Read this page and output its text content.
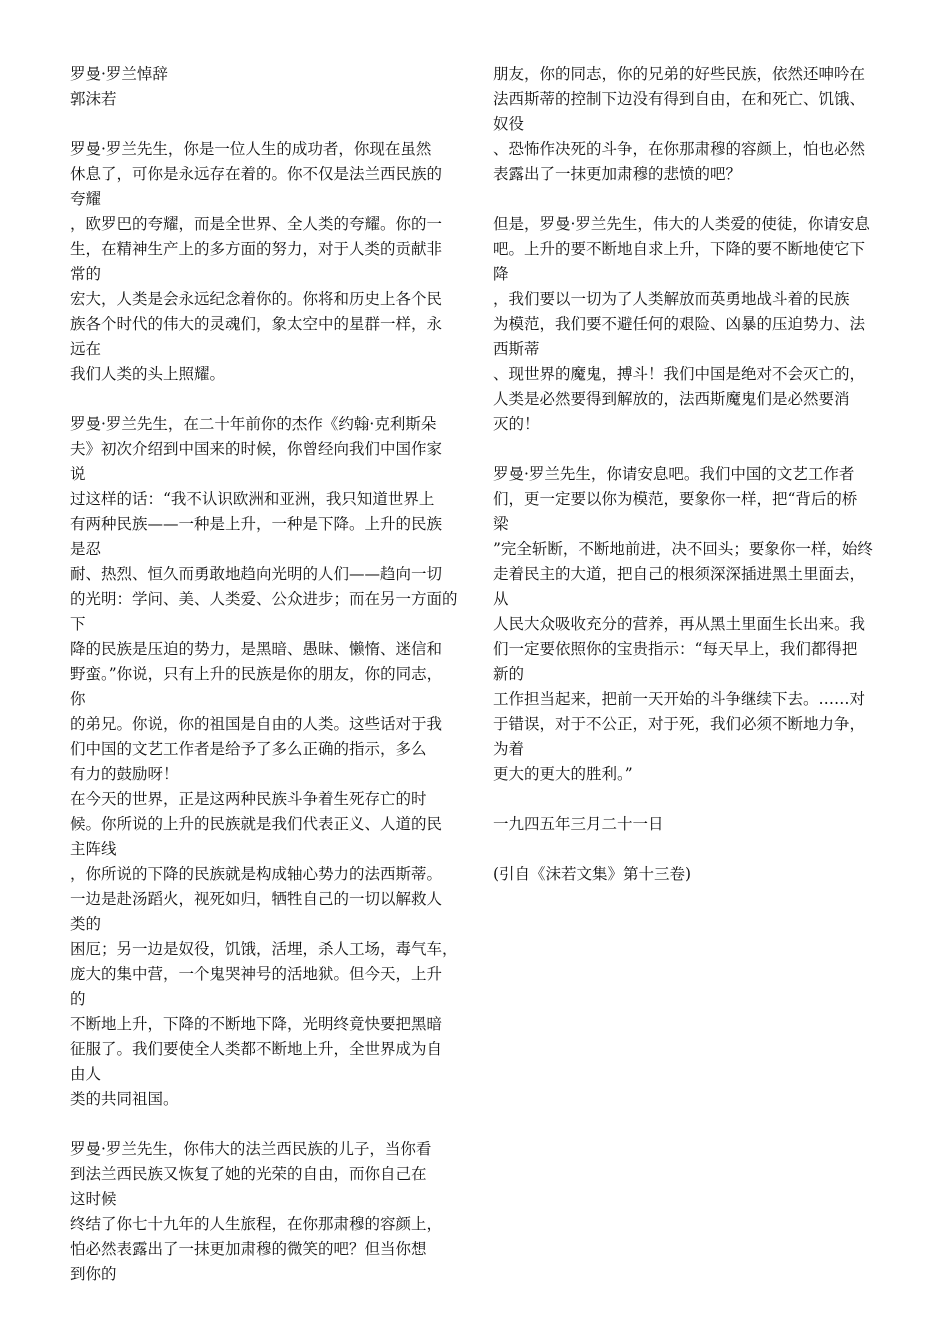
罗曼·罗兰悼辞
郭沫若
罗曼·罗兰先生，你是一位人生的成功者，你现在虽然
休息了，可你是永远存在着的。你不仅是法兰西民族的
夸耀
，欧罗巴的夸耀，而是全世界、全人类的夸耀。你的一
生，在精神生产上的多方面的努力，对于人类的贡献非
常的
宏大，人类是会永远纪念着你的。你将和历史上各个民
族各个时代的伟大的灵魂们，象太空中的星群一样，永
远在
我们人类的头上照耀。
罗曼·罗兰先生，在二十年前你的杰作《约翰·克利斯朵
夫》初次介绍到中国来的时候，你曾经向我们中国作家
说
过这样的话：“我不认识欧洲和亚洲，我只知道世界上
有两种民族——一种是上升，一种是下降。上升的民族
是忍
耐、热烈、恒久而勇敢地趋向光明的人们——趋向一切
的光明：学问、美、人类爱、公众进步；而在另一方面的
下
降的民族是压迫的势力，是黑暗、愚昧、懒惰、迷信和
野蛮。”你说，只有上升的民族是你的朋友，你的同志，
你
的弟兄。你说，你的祖国是自由的人类。这些话对于我
们中国的文艺工作者是给予了多么正确的指示，多么
有力的鼓励呀！
在今天的世界，正是这两种民族斗争着生死存亡的时
候。你所说的上升的民族就是我们代表正义、人道的民
主阵线
，你所说的下降的民族就是构成轴心势力的法西斯蒂。
一边是赴汤蹈火，视死如归，牺牲自己的一切以解救人
类的
困厄；另一边是奴役，饥饿，活埋，杀人工场，毒气车，
庞大的集中营，一个鬼哭神号的活地狱。但今天，上升
的
不断地上升，下降的不断地下降，光明终竟快要把黑暗
征服了。我们要使全人类都不断地上升，全世界成为自
由人
类的共同祖国。
罗曼·罗兰先生，你伟大的法兰西民族的儿子，当你看
到法兰西民族又恢复了她的光荣的自由，而你自己在
这时候
终结了你七十九年的人生旅程，在你那肃穆的容颜上，
怕必然表露出了一抹更加肃穆的微笑的吧？但当你想
到你的
朋友，你的同志，你的兄弟的好些民族，依然还呻吟在
法西斯蒂的控制下边没有得到自由，在和死亡、饥饿、
奴役
、恐怖作决死的斗争，在你那肃穆的容颜上，怕也必然
表露出了一抹更加肃穆的悲愤的吧？
但是，罗曼·罗兰先生，伟大的人类爱的使徒，你请安息
吧。上升的要不断地自求上升，下降的要不断地使它下
降
，我们要以一切为了人类解放而英勇地战斗着的民族
为模范，我们要不避任何的艰险、凶暴的压迫势力、法
西斯蒂
、现世界的魔鬼，搏斗！我们中国是绝对不会灭亡的，
人类是必然要得到解放的，法西斯魔鬼们是必然要消
灭的！
罗曼·罗兰先生，你请安息吧。我们中国的文艺工作者
们，更一定要以你为模范，要象你一样，把“背后的桥
梁
”完全斩断，不断地前进，决不回头；要象你一样，始终
走着民主的大道，把自己的根须深深插进黑土里面去，
从
人民大众吸收充分的营养，再从黑土里面生长出来。我
们一定要依照你的宝贵指示：“每天早上，我们都得把
新的
工作担当起来，把前一天开始的斗争继续下去。……对
于错误，对于不公正，对于死，我们必须不断地力争，
为着
更大的更大的胜利。”
一九四五年三月二十一日
(引自《沫若文集》第十三卷)
